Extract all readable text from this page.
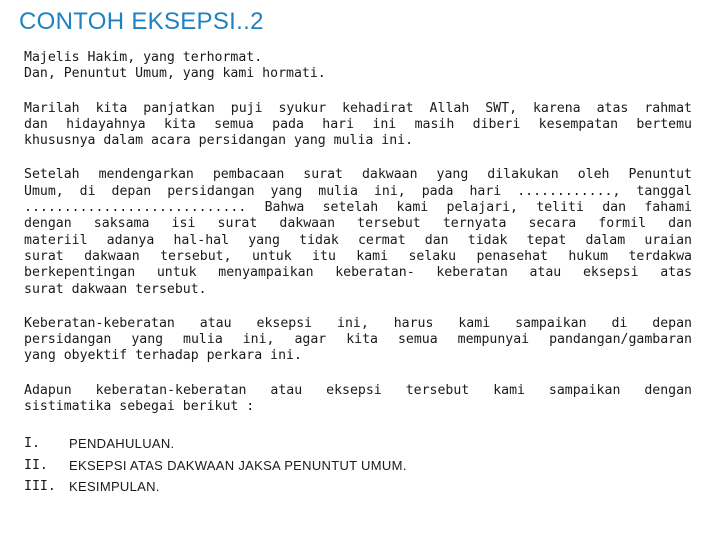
CONTOH EKSEPSI..2
Majelis Hakim, yang terhormat.
Dan, Penuntut Umum, yang kami hormati.
Marilah kita panjatkan puji syukur kehadirat Allah SWT, karena atas rahmat
dan hidayahnya kita semua pada hari ini masih diberi kesempatan bertemu
khususnya dalam acara persidangan yang mulia ini.
Setelah mendengarkan pembacaan surat dakwaan yang dilakukan oleh Penuntut
Umum, di depan persidangan yang mulia ini, pada hari ............, tanggal
............................ Bahwa setelah kami pelajari, teliti dan fahami
dengan saksama isi surat dakwaan tersebut ternyata secara formil dan
materiil adanya hal-hal yang tidak cermat dan tidak tepat dalam uraian
surat dakwaan tersebut, untuk itu kami selaku penasehat hukum terdakwa
berkepentingan untuk menyampaikan keberatan- keberatan atau eksepsi atas
surat dakwaan tersebut.
Keberatan-keberatan atau eksepsi ini, harus kami sampaikan di depan
persidangan yang mulia ini, agar kita semua mempunyai pandangan/gambaran
yang obyektif terhadap perkara ini.
Adapun keberatan-keberatan atau eksepsi tersebut kami sampaikan dengan
sistimatika sebegai berikut :
I.	PENDAHULUAN.
II.	EKSEPSI ATAS DAKWAAN JAKSA PENUNTUT UMUM.
III.	KESIMPULAN.
